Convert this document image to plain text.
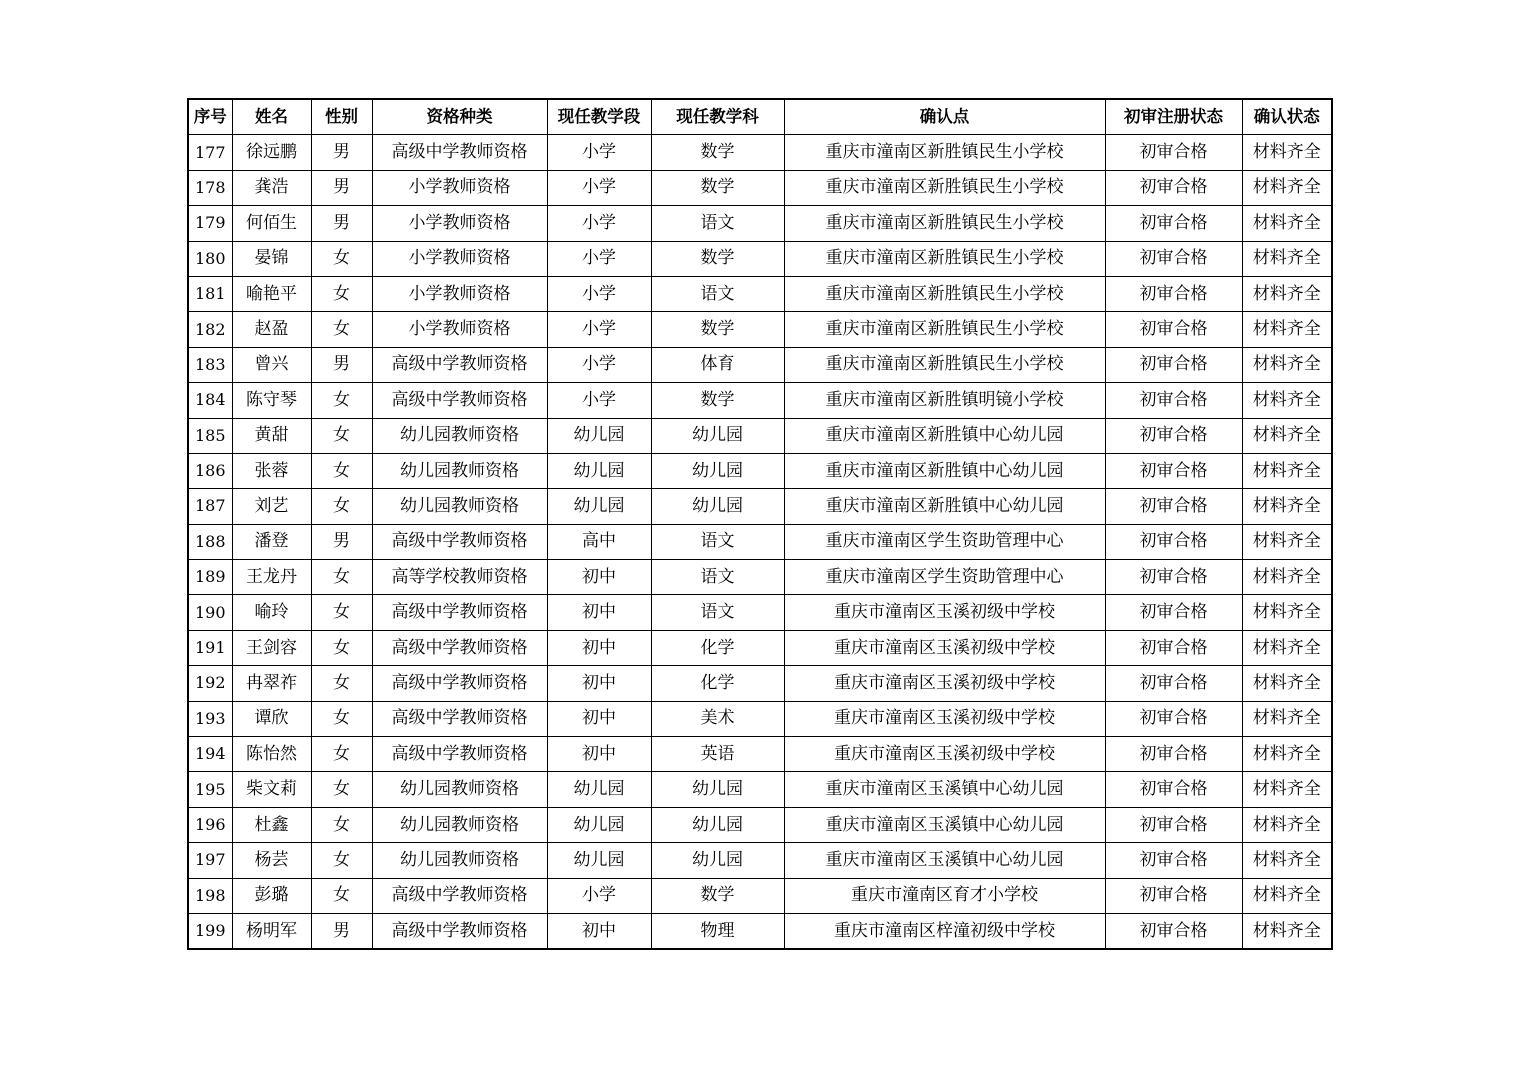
序号	姓名	性别	资格种类	现任教学段	现任教学科	确认点	初审注册状态	确认状态
177	徐远鹏	男	高级中学教师资格	小学	数学	重庆市潼南区新胜镇民生小学校	初审合格	材料齐全
178	龚浩	男	小学教师资格	小学	数学	重庆市潼南区新胜镇民生小学校	初审合格	材料齐全
179	何佰生	男	小学教师资格	小学	语文	重庆市潼南区新胜镇民生小学校	初审合格	材料齐全
180	晏锦	女	小学教师资格	小学	数学	重庆市潼南区新胜镇民生小学校	初审合格	材料齐全
181	喻艳平	女	小学教师资格	小学	语文	重庆市潼南区新胜镇民生小学校	初审合格	材料齐全
182	赵盈	女	小学教师资格	小学	数学	重庆市潼南区新胜镇民生小学校	初审合格	材料齐全
183	曾兴	男	高级中学教师资格	小学	体育	重庆市潼南区新胜镇民生小学校	初审合格	材料齐全
184	陈守琴	女	高级中学教师资格	小学	数学	重庆市潼南区新胜镇明镜小学校	初审合格	材料齐全
185	黄甜	女	幼儿园教师资格	幼儿园	幼儿园	重庆市潼南区新胜镇中心幼儿园	初审合格	材料齐全
186	张蓉	女	幼儿园教师资格	幼儿园	幼儿园	重庆市潼南区新胜镇中心幼儿园	初审合格	材料齐全
187	刘艺	女	幼儿园教师资格	幼儿园	幼儿园	重庆市潼南区新胜镇中心幼儿园	初审合格	材料齐全
188	潘登	男	高级中学教师资格	高中	语文	重庆市潼南区学生资助管理中心	初审合格	材料齐全
189	王龙丹	女	高等学校教师资格	初中	语文	重庆市潼南区学生资助管理中心	初审合格	材料齐全
190	喻玲	女	高级中学教师资格	初中	语文	重庆市潼南区玉溪初级中学校	初审合格	材料齐全
191	王剑容	女	高级中学教师资格	初中	化学	重庆市潼南区玉溪初级中学校	初审合格	材料齐全
192	冉翠祚	女	高级中学教师资格	初中	化学	重庆市潼南区玉溪初级中学校	初审合格	材料齐全
193	谭欣	女	高级中学教师资格	初中	美术	重庆市潼南区玉溪初级中学校	初审合格	材料齐全
194	陈怡然	女	高级中学教师资格	初中	英语	重庆市潼南区玉溪初级中学校	初审合格	材料齐全
195	柴文莉	女	幼儿园教师资格	幼儿园	幼儿园	重庆市潼南区玉溪镇中心幼儿园	初审合格	材料齐全
196	杜鑫	女	幼儿园教师资格	幼儿园	幼儿园	重庆市潼南区玉溪镇中心幼儿园	初审合格	材料齐全
197	杨芸	女	幼儿园教师资格	幼儿园	幼儿园	重庆市潼南区玉溪镇中心幼儿园	初审合格	材料齐全
198	彭璐	女	高级中学教师资格	小学	数学	重庆市潼南区育才小学校	初审合格	材料齐全
199	杨明军	男	高级中学教师资格	初中	物理	重庆市潼南区梓潼初级中学校	初审合格	材料齐全
